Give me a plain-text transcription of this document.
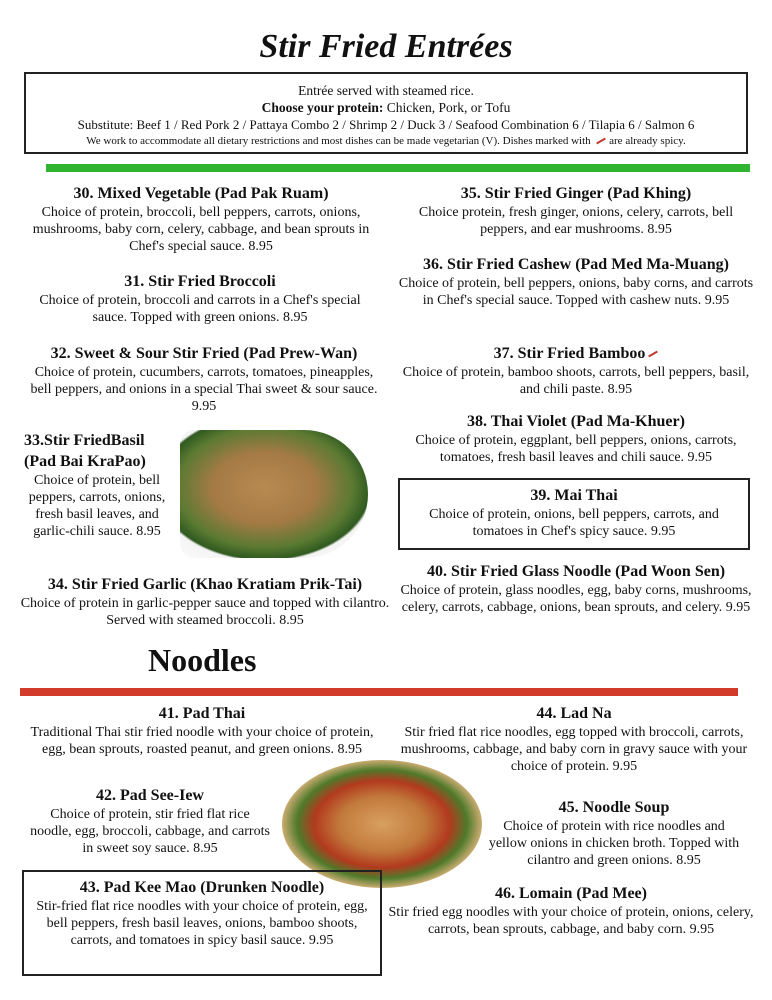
Stir Fried Entrées
Entrée served with steamed rice.
Choose your protein: Chicken, Pork, or Tofu
Substitute: Beef 1 / Red Pork 2 / Pattaya Combo 2 / Shrimp 2 / Duck 3 / Seafood Combination 6 / Tilapia 6 / Salmon 6
We work to accommodate all dietary restrictions and most dishes can be made vegetarian (V). Dishes marked with are already spicy.
30. Mixed Vegetable (Pad Pak Ruam)

Choice of protein, broccoli, bell peppers, carrots, onions, mushrooms, baby corn, celery, cabbage, and bean sprouts in Chef's special sauce. 8.95

31. Stir Fried Broccoli

Choice of protein, broccoli and carrots in a Chef's special sauce. Topped with green onions. 8.95

32. Sweet & Sour Stir Fried (Pad Prew-Wan)

Choice of protein, cucumbers, carrots, tomatoes, pineapples, bell peppers, and onions in a special Thai sweet & sour sauce. 9.95

33.Stir FriedBasil (Pad Bai KraPao)

Choice of protein, bell peppers, carrots, onions, fresh basil leaves, and garlic-chili sauce. 8.95

34. Stir Fried Garlic (Khao Kratiam Prik-Tai)

Choice of protein in garlic-pepper sauce and topped with cilantro. Served with steamed broccoli. 8.95

35. Stir Fried Ginger (Pad Khing)

Choice protein, fresh ginger, onions, celery, carrots, bell peppers, and ear mushrooms. 8.95

36. Stir Fried Cashew (Pad Med Ma-Muang)

Choice of protein, bell peppers, onions, baby corns, and carrots in Chef's special sauce. Topped with cashew nuts. 9.95

37. Stir Fried Bamboo

Choice of protein, bamboo shoots, carrots, bell peppers, basil, and chili paste. 8.95

38. Thai Violet (Pad Ma-Khuer)

Choice of protein, eggplant, bell peppers, onions, carrots, tomatoes, fresh basil leaves and chili sauce. 9.95

39. Mai Thai

Choice of protein, onions, bell peppers, carrots, and tomatoes in Chef's spicy sauce. 9.95

40. Stir Fried Glass Noodle (Pad Woon Sen)

Choice of protein, glass noodles, egg, baby corns, mushrooms, celery, carrots, cabbage, onions, bean sprouts, and celery. 9.95

Noodles
41. Pad Thai

Traditional Thai stir fried noodle with your choice of protein, egg, bean sprouts, roasted peanut, and green onions. 8.95

42. Pad See-Iew

Choice of protein, stir fried flat rice noodle, egg, broccoli, cabbage, and carrots in sweet soy sauce. 8.95

43. Pad Kee Mao (Drunken Noodle)

Stir-fried flat rice noodles with your choice of protein, egg, bell peppers, fresh basil leaves, onions, bamboo shoots, carrots, and tomatoes in spicy basil sauce. 9.95

44. Lad Na

Stir fried flat rice noodles, egg topped with broccoli, carrots, mushrooms, cabbage, and baby corn in gravy sauce with your choice of protein. 9.95

45. Noodle Soup

Choice of protein with rice noodles and yellow onions in chicken broth. Topped with cilantro and green onions. 8.95

46. Lomain (Pad Mee)

Stir fried egg noodles with your choice of protein, onions, celery, carrots, bean sprouts, cabbage, and baby corn. 9.95
